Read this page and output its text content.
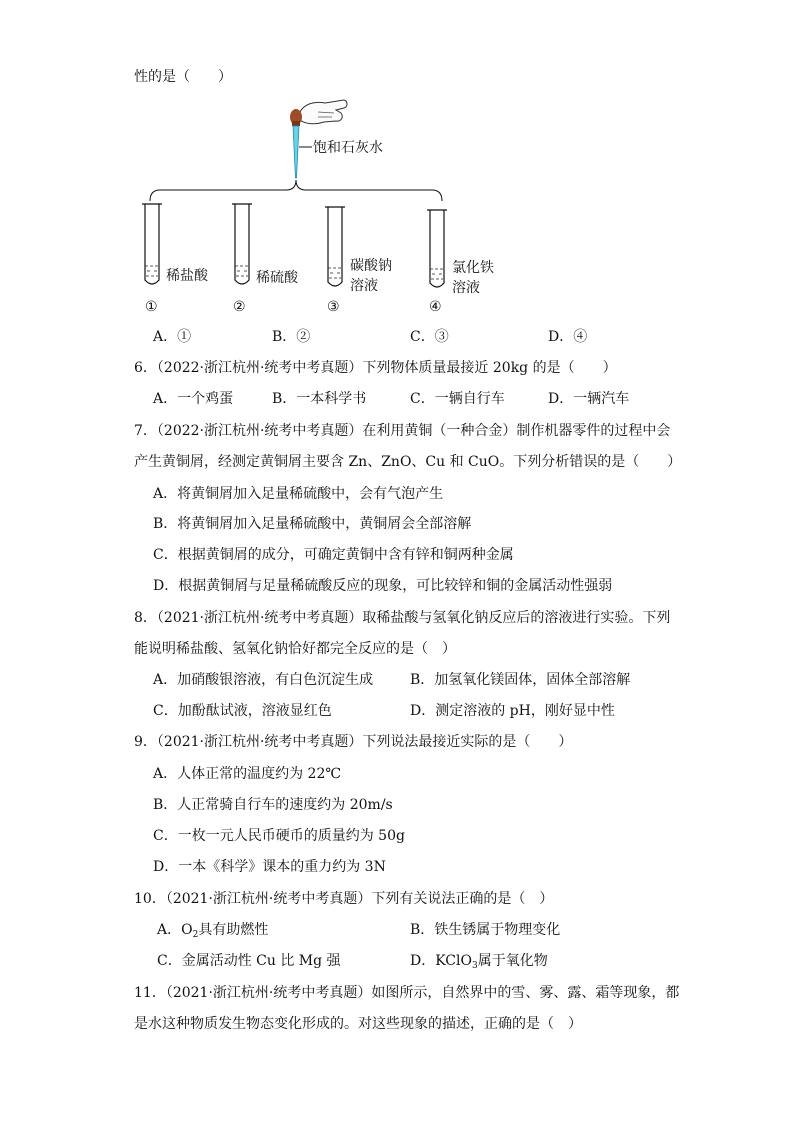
性的是（　　）
饱和石灰水
稀盐酸
①
稀硫酸
②
碳酸钠
溶液
③
氯化铁
溶液
④
A．①	B．②	C．③	D．④
6．（2022·浙江杭州·统考中考真题）下列物体质量最接近 20kg 的是（　　）
A．一个鸡蛋	B．一本科学书	C．一辆自行车	D．一辆汽车
7．（2022·浙江杭州·统考中考真题）在利用黄铜（一种合金）制作机器零件的过程中会
产生黄铜屑，经测定黄铜屑主要含 Zn、ZnO、Cu 和 CuO。下列分析错误的是（　　）
A．将黄铜屑加入足量稀硫酸中，会有气泡产生
B．将黄铜屑加入足量稀硫酸中，黄铜屑会全部溶解
C．根据黄铜屑的成分，可确定黄铜中含有锌和铜两种金属
D．根据黄铜屑与足量稀硫酸反应的现象，可比较锌和铜的金属活动性强弱
8．（2021·浙江杭州·统考中考真题）取稀盐酸与氢氧化钠反应后的溶液进行实验。下列
能说明稀盐酸、氢氧化钠恰好都完全反应的是（　）
A．加硝酸银溶液，有白色沉淀生成	B．加氢氧化镁固体，固体全部溶解
C．加酚酞试液，溶液显红色	D．测定溶液的 pH，刚好显中性
9．（2021·浙江杭州·统考中考真题）下列说法最接近实际的是（　　）
A．人体正常的温度约为 22℃
B．人正常骑自行车的速度约为 20m/s
C．一枚一元人民币硬币的质量约为 50g
D．一本《科学》课本的重力约为 3N
10．（2021·浙江杭州·统考中考真题）下列有关说法正确的是（　）
A．$O_2$具有助燃性	B．铁生锈属于物理变化
C．金属活动性 Cu 比 Mg 强	D．KClO$_3$属于氧化物
11．（2021·浙江杭州·统考中考真题）如图所示，自然界中的雪、雾、露、霜等现象，都
是水这种物质发生物态变化形成的。对这些现象的描述，正确的是（　）
